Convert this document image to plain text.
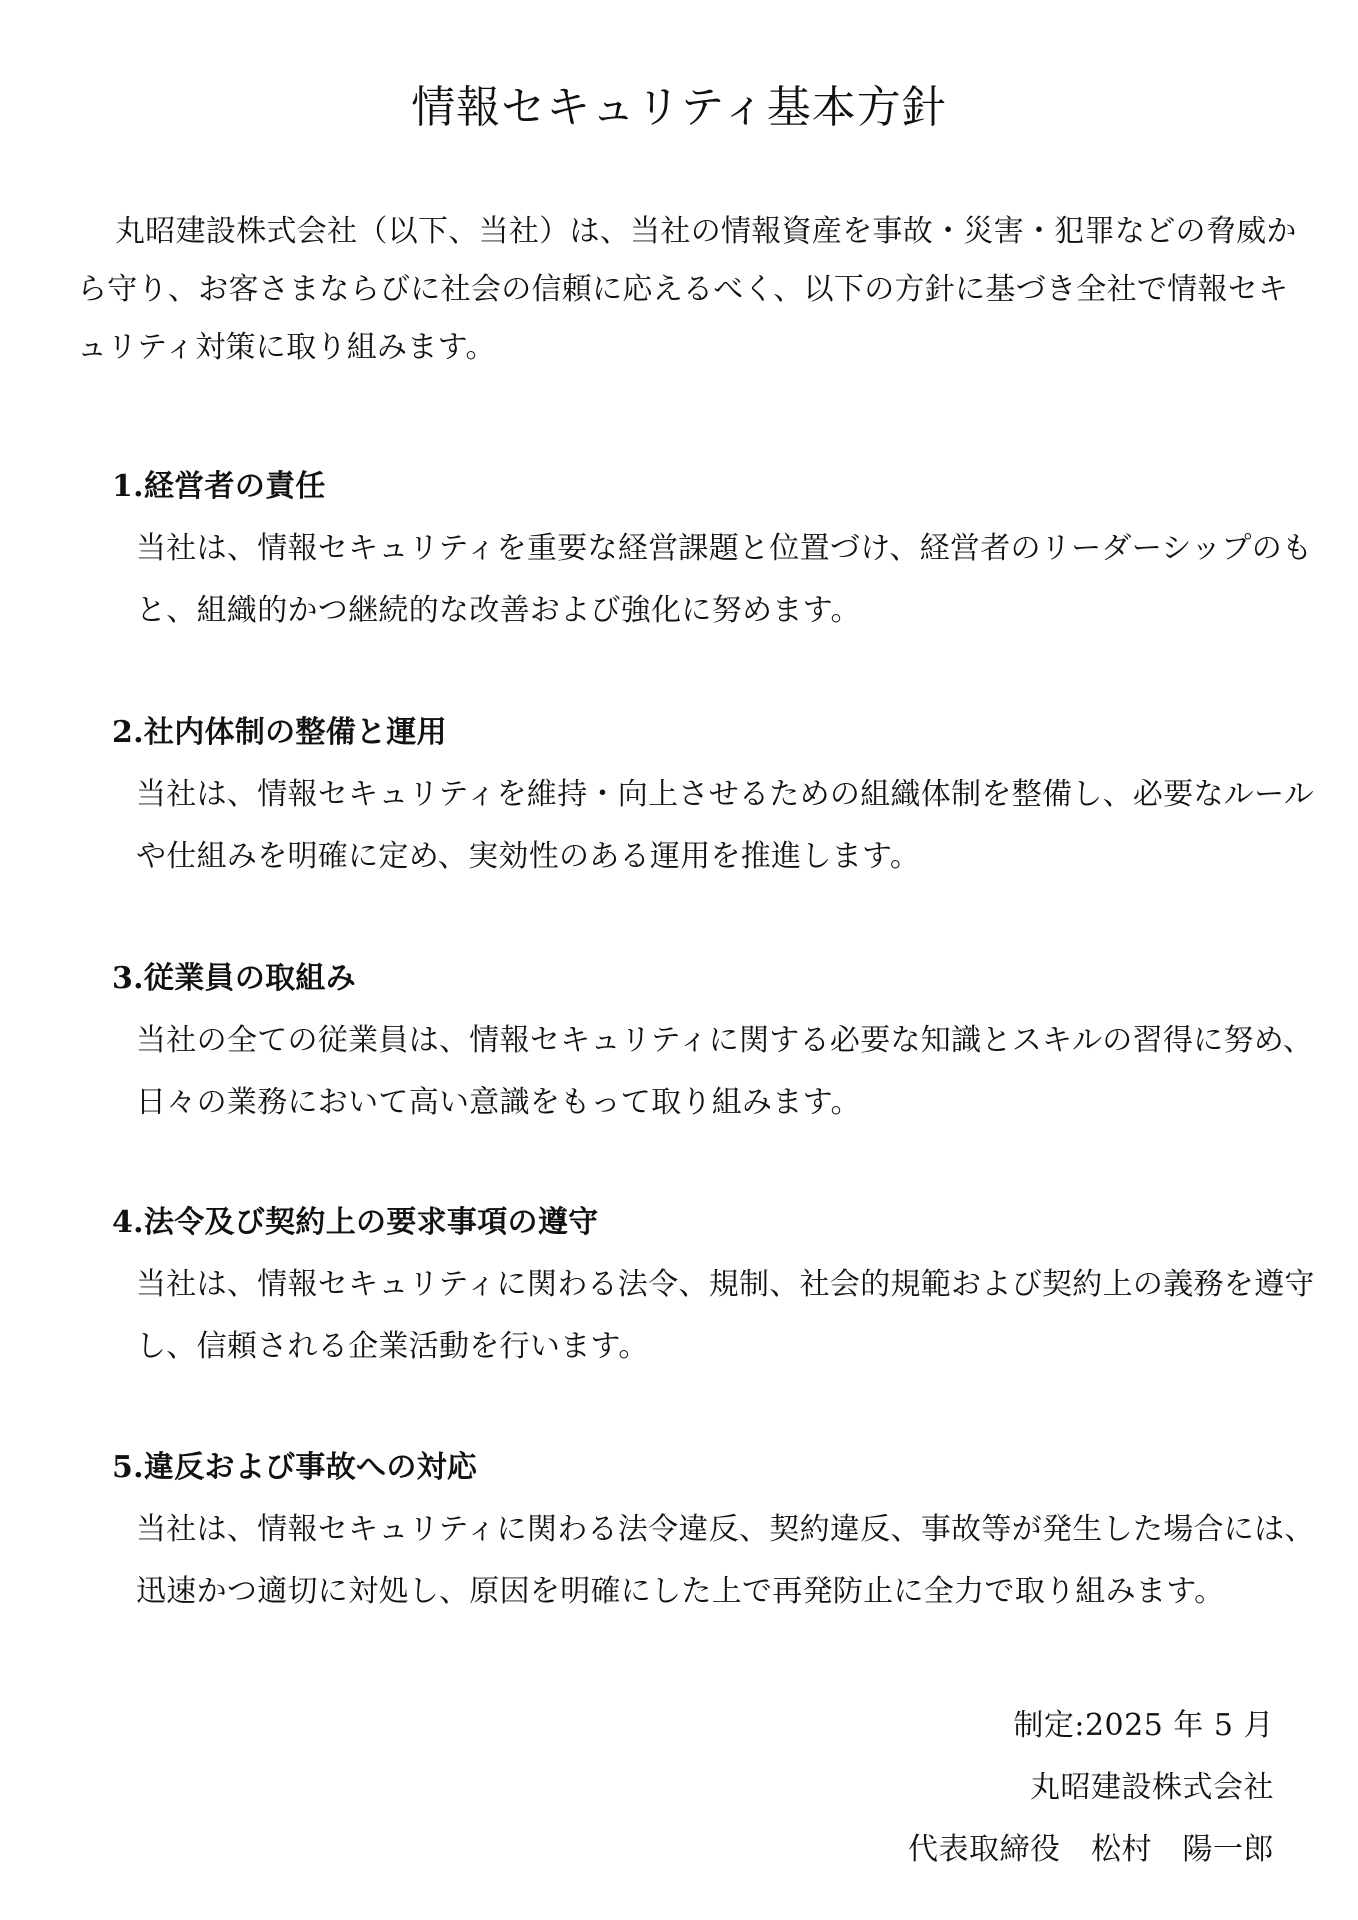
情報セキュリティ基本方針

丸昭建設株式会社（以下、当社）は、当社の情報資産を事故・災害・犯罪などの脅威から守り、お客さまならびに社会の信頼に応えるべく、以下の方針に基づき全社で情報セキュリティ対策に取り組みます。

1.経営者の責任

当社は、情報セキュリティを重要な経営課題と位置づけ、経営者のリーダーシップのもと、組織的かつ継続的な改善および強化に努めます。

2.社内体制の整備と運用

当社は、情報セキュリティを維持・向上させるための組織体制を整備し、必要なルールや仕組みを明確に定め、実効性のある運用を推進します。

3.従業員の取組み

当社の全ての従業員は、情報セキュリティに関する必要な知識とスキルの習得に努め、日々の業務において高い意識をもって取り組みます。

4.法令及び契約上の要求事項の遵守

当社は、情報セキュリティに関わる法令、規制、社会的規範および契約上の義務を遵守し、信頼される企業活動を行います。

5.違反および事故への対応

当社は、情報セキュリティに関わる法令違反、契約違反、事故等が発生した場合には、迅速かつ適切に対処し、原因を明確にした上で再発防止に全力で取り組みます。

制定:2025 年 5 月
丸昭建設株式会社
代表取締役　松村　陽一郎
